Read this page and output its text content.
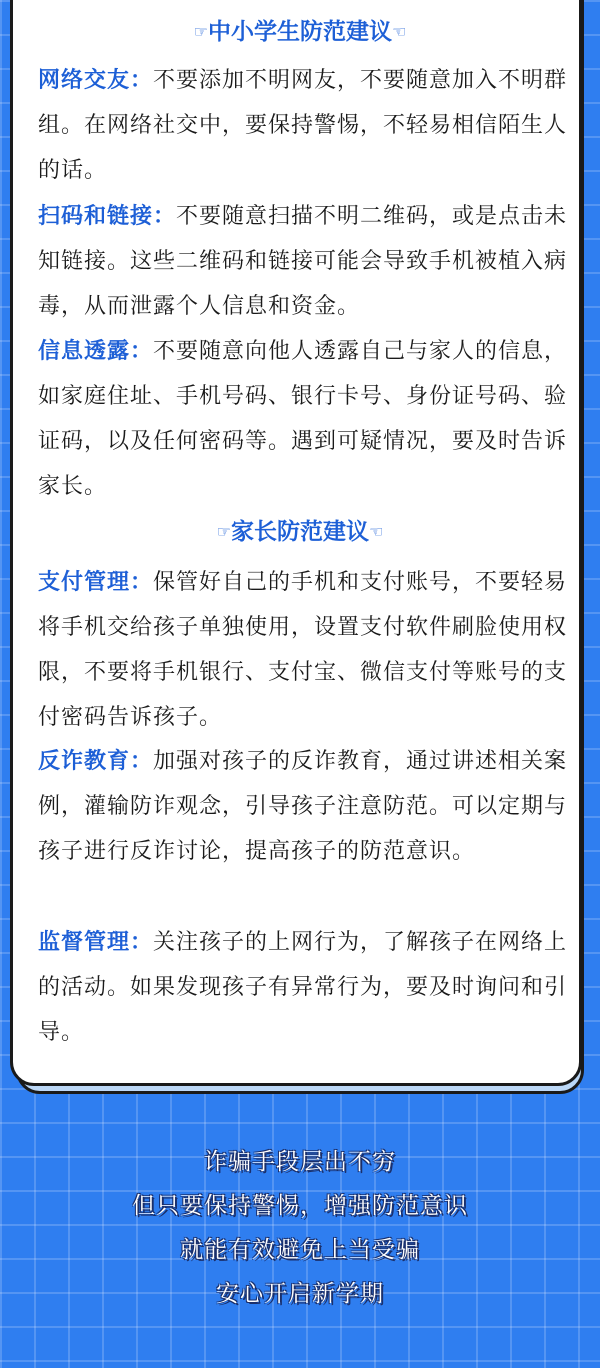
☞中小学生防范建议☜
网络交友：不要添加不明网友，不要随意加入不明群组。在网络社交中，要保持警惕，不轻易相信陌生人的话。
扫码和链接：不要随意扫描不明二维码，或是点击未知链接。这些二维码和链接可能会导致手机被植入病毒，从而泄露个人信息和资金。
信息透露：不要随意向他人透露自己与家人的信息，如家庭住址、手机号码、银行卡号、身份证号码、验证码，以及任何密码等。遇到可疑情况，要及时告诉家长。
☞家长防范建议☜
支付管理：保管好自己的手机和支付账号，不要轻易将手机交给孩子单独使用，设置支付软件刷脸使用权限，不要将手机银行、支付宝、微信支付等账号的支付密码告诉孩子。
反诈教育：加强对孩子的反诈教育，通过讲述相关案例，灌输防诈观念，引导孩子注意防范。可以定期与孩子进行反诈讨论，提高孩子的防范意识。
监督管理：关注孩子的上网行为，了解孩子在网络上的活动。如果发现孩子有异常行为，要及时询问和引导。
诈骗手段层出不穷
但只要保持警惕，增强防范意识
就能有效避免上当受骗
安心开启新学期
